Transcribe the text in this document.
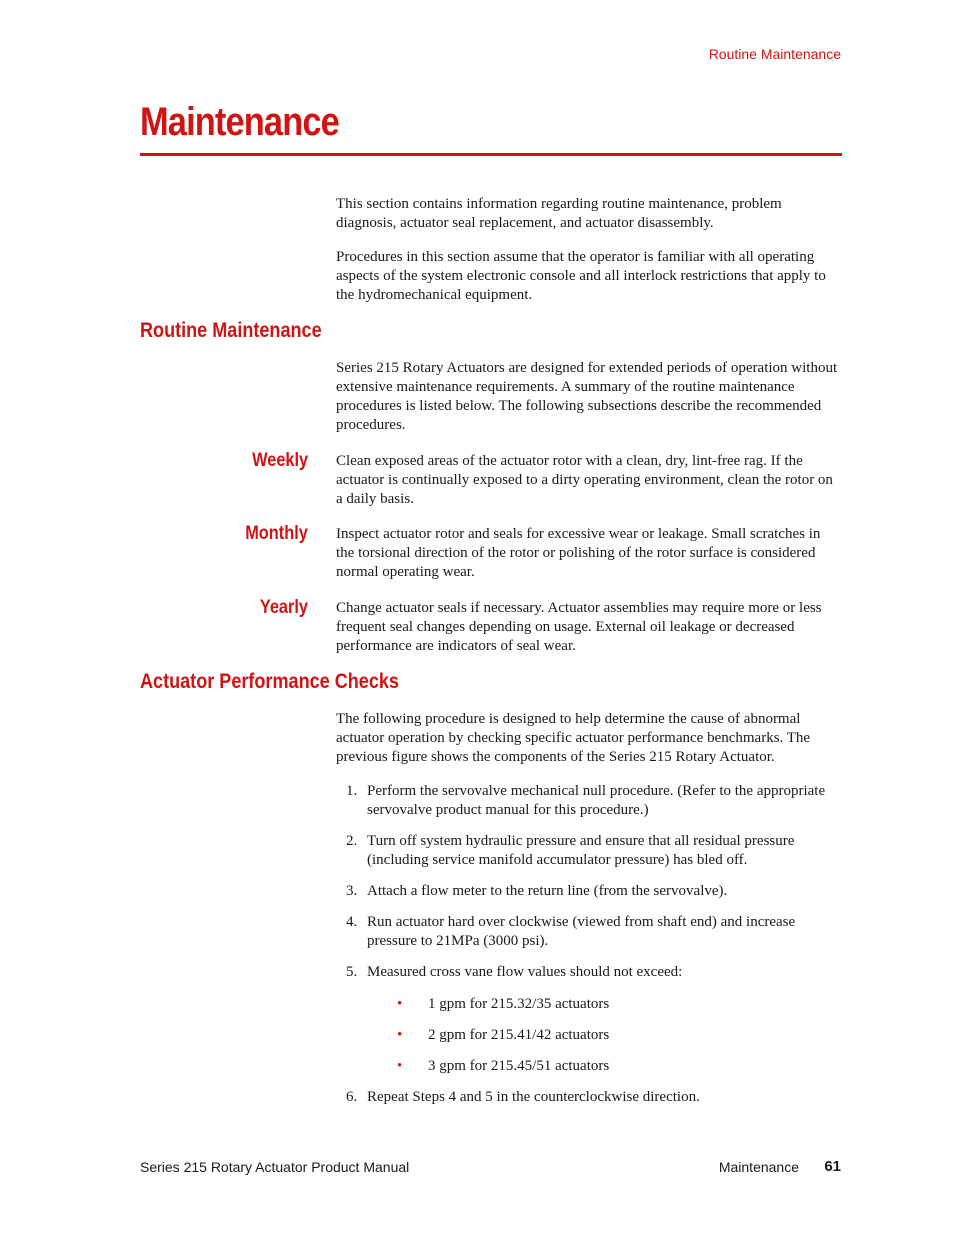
Routine Maintenance
Maintenance

This section contains information regarding routine maintenance, problem diagnosis, actuator seal replacement, and actuator disassembly.

Procedures in this section assume that the operator is familiar with all operating aspects of the system electronic console and all interlock restrictions that apply to the hydromechanical equipment.

Routine Maintenance

Series 215 Rotary Actuators are designed for extended periods of operation without extensive maintenance requirements. A summary of the routine maintenance procedures is listed below. The following subsections describe the recommended procedures.

Weekly Clean exposed areas of the actuator rotor with a clean, dry, lint-free rag. If the actuator is continually exposed to a dirty operating environment, clean the rotor on a daily basis.

Monthly Inspect actuator rotor and seals for excessive wear or leakage. Small scratches in the torsional direction of the rotor or polishing of the rotor surface is considered normal operating wear.

Yearly Change actuator seals if necessary. Actuator assemblies may require more or less frequent seal changes depending on usage. External oil leakage or decreased performance are indicators of seal wear.

Actuator Performance Checks

The following procedure is designed to help determine the cause of abnormal actuator operation by checking specific actuator performance benchmarks. The previous figure shows the components of the Series 215 Rotary Actuator.

1. Perform the servovalve mechanical null procedure. (Refer to the appropriate servovalve product manual for this procedure.)
2. Turn off system hydraulic pressure and ensure that all residual pressure (including service manifold accumulator pressure) has bled off.
3. Attach a flow meter to the return line (from the servovalve).
4. Run actuator hard over clockwise (viewed from shaft end) and increase pressure to 21MPa (3000 psi).
5. Measured cross vane flow values should not exceed:
• 1 gpm for 215.32/35 actuators
• 2 gpm for 215.41/42 actuators
• 3 gpm for 215.45/51 actuators
6. Repeat Steps 4 and 5 in the counterclockwise direction.
Series 215 Rotary Actuator Product Manual	Maintenance 61
